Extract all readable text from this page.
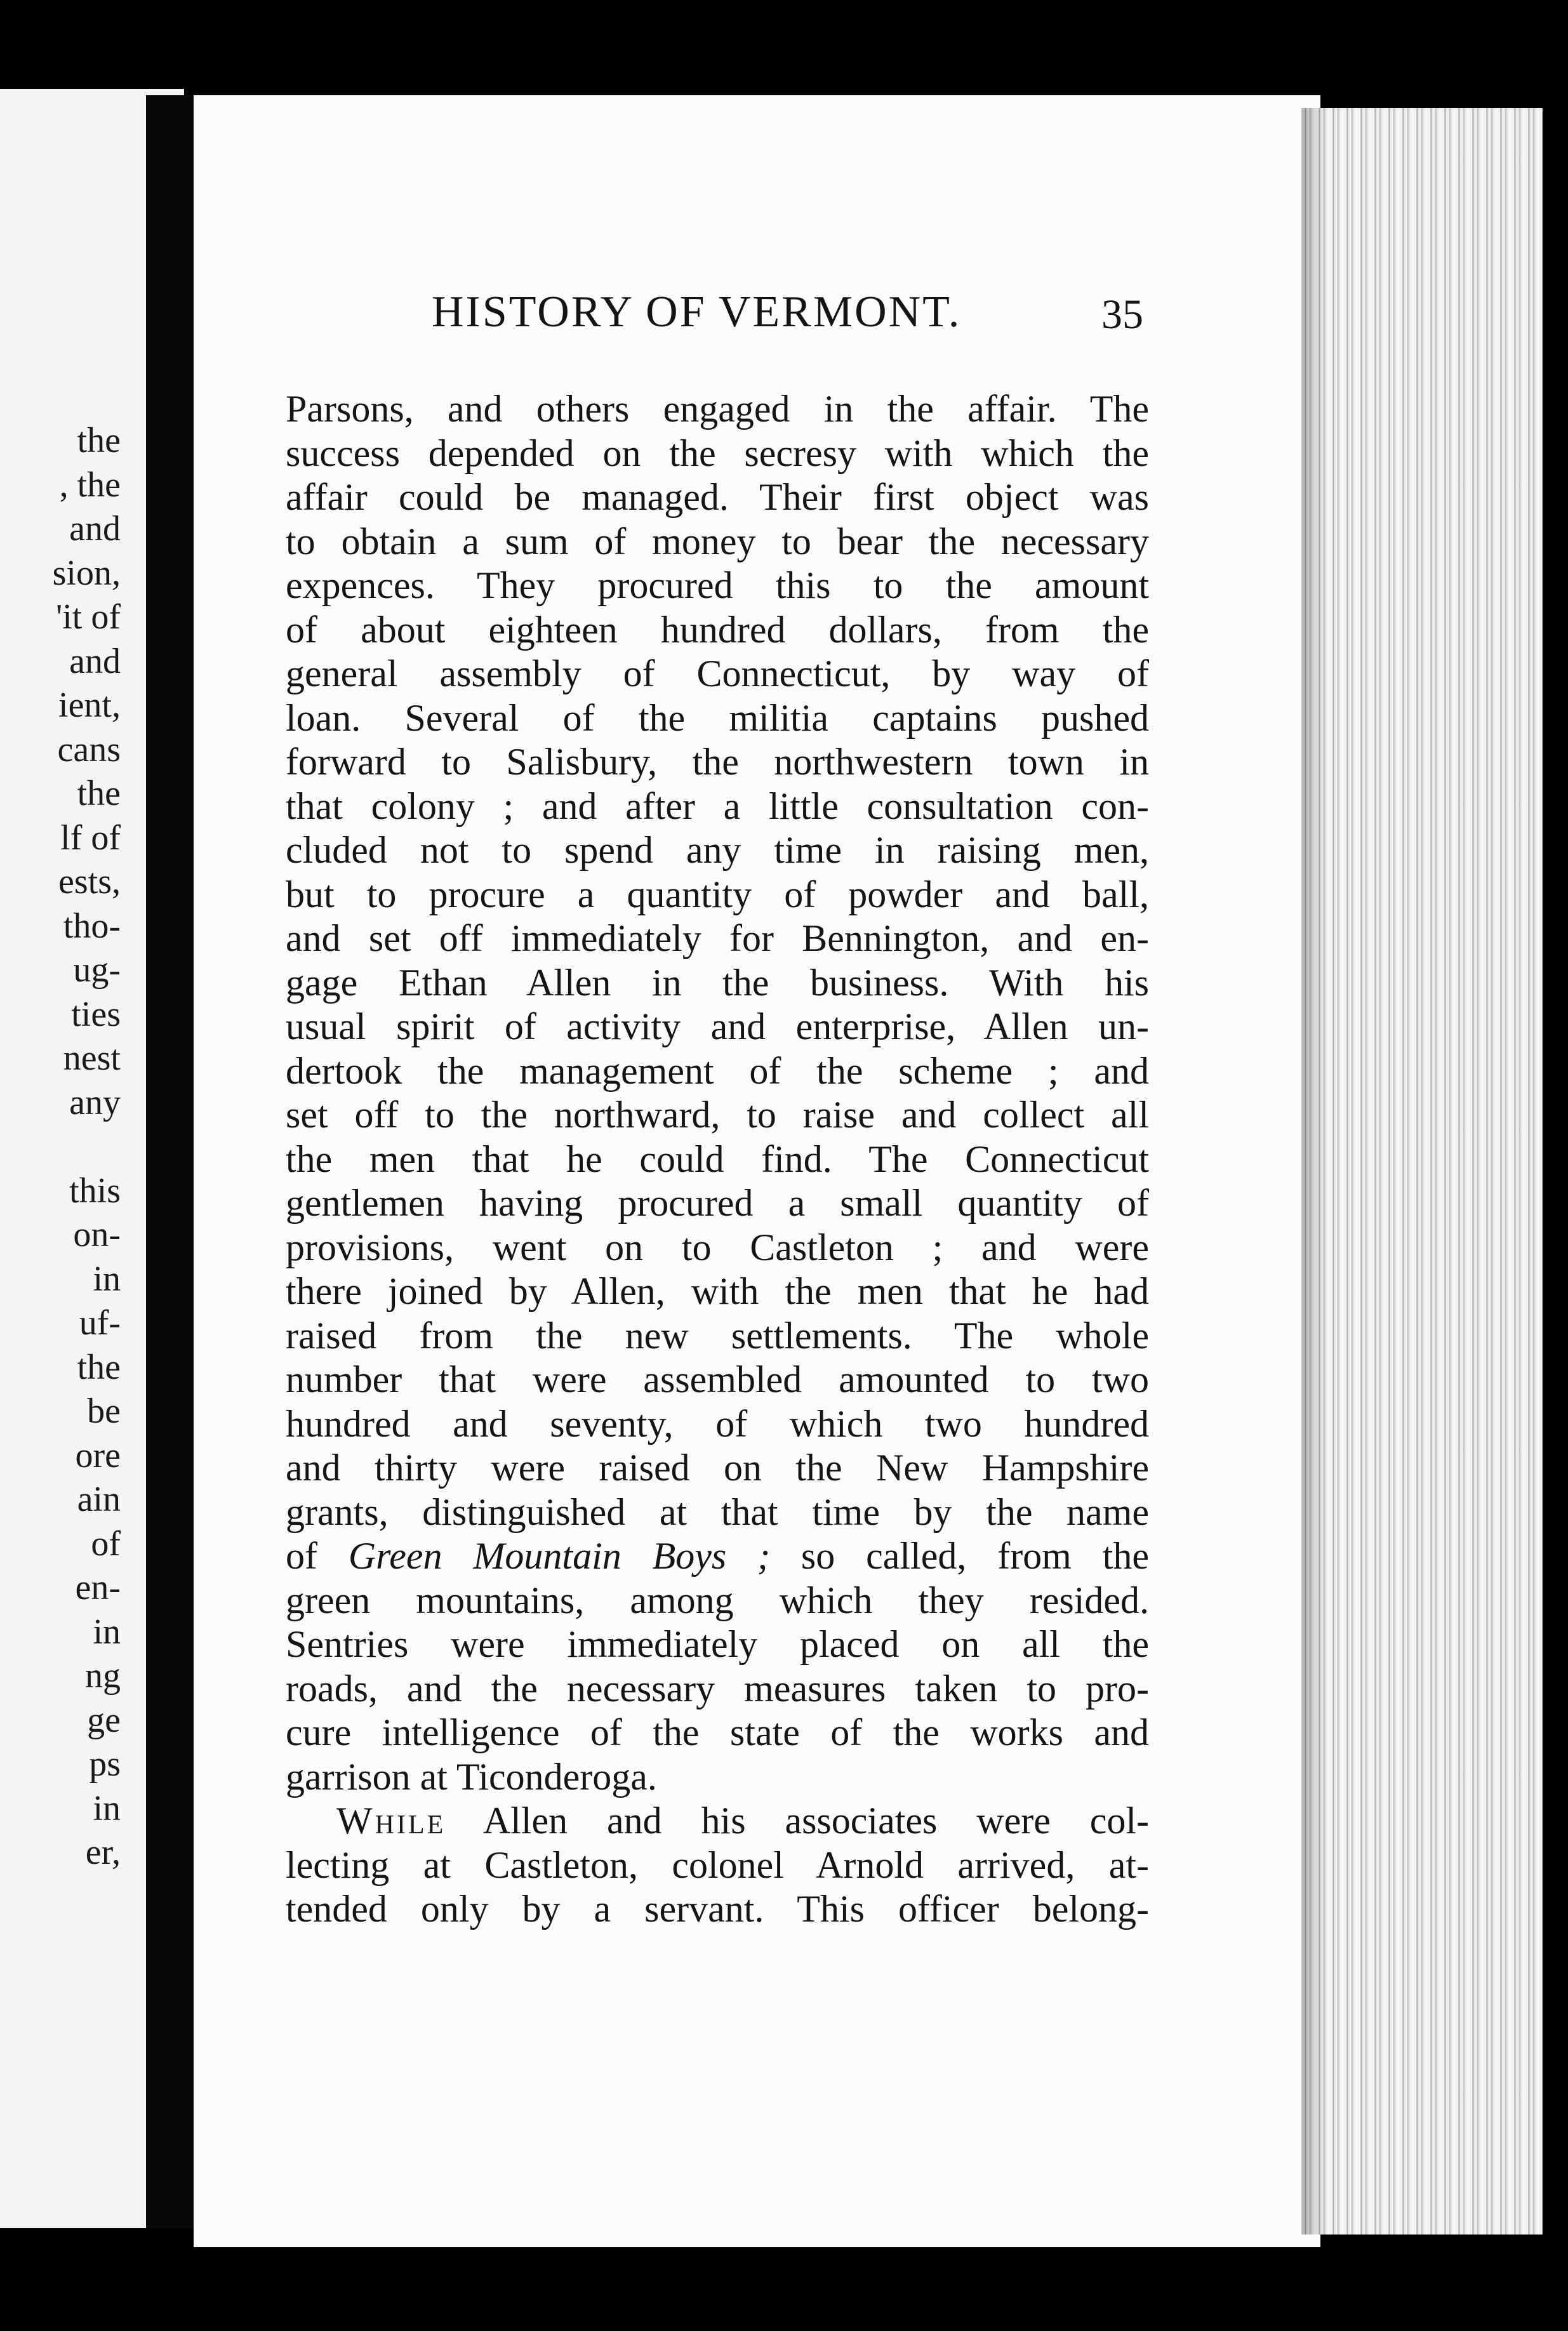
the
, the
and
sion,
'it of
and
ient,
cans
the
lf of
ests,
tho-
ug-
ties
nest
any
this
on-
in
uf-
the
be
ore
ain
of
en-
in
ng
ge
ps
in
er,
HISTORY OF VERMONT.	35
Parsons, and others engaged in the affair. The
success depended on the secresy with which the
affair could be managed. Their first object was
to obtain a sum of money to bear the necessary
expences. They procured this to the amount
of about eighteen hundred dollars, from the
general assembly of Connecticut, by way of
loan. Several of the militia captains pushed
forward to Salisbury, the northwestern town in
that colony ; and after a little consultation con-
cluded not to spend any time in raising men,
but to procure a quantity of powder and ball,
and set off immediately for Bennington, and en-
gage Ethan Allen in the business. With his
usual spirit of activity and enterprise, Allen un-
dertook the management of the scheme ; and
set off to the northward, to raise and collect all
the men that he could find. The Connecticut
gentlemen having procured a small quantity of
provisions, went on to Castleton ; and were
there joined by Allen, with the men that he had
raised from the new settlements. The whole
number that were assembled amounted to two
hundred and seventy, of which two hundred
and thirty were raised on the New Hampshire
grants, distinguished at that time by the name
of Green Mountain Boys ; so called, from the
green mountains, among which they resided.
Sentries were immediately placed on all the
roads, and the necessary measures taken to pro-
cure intelligence of the state of the works and
garrison at Ticonderoga.
While Allen and his associates were col-
lecting at Castleton, colonel Arnold arrived, at-
tended only by a servant. This officer belong-
